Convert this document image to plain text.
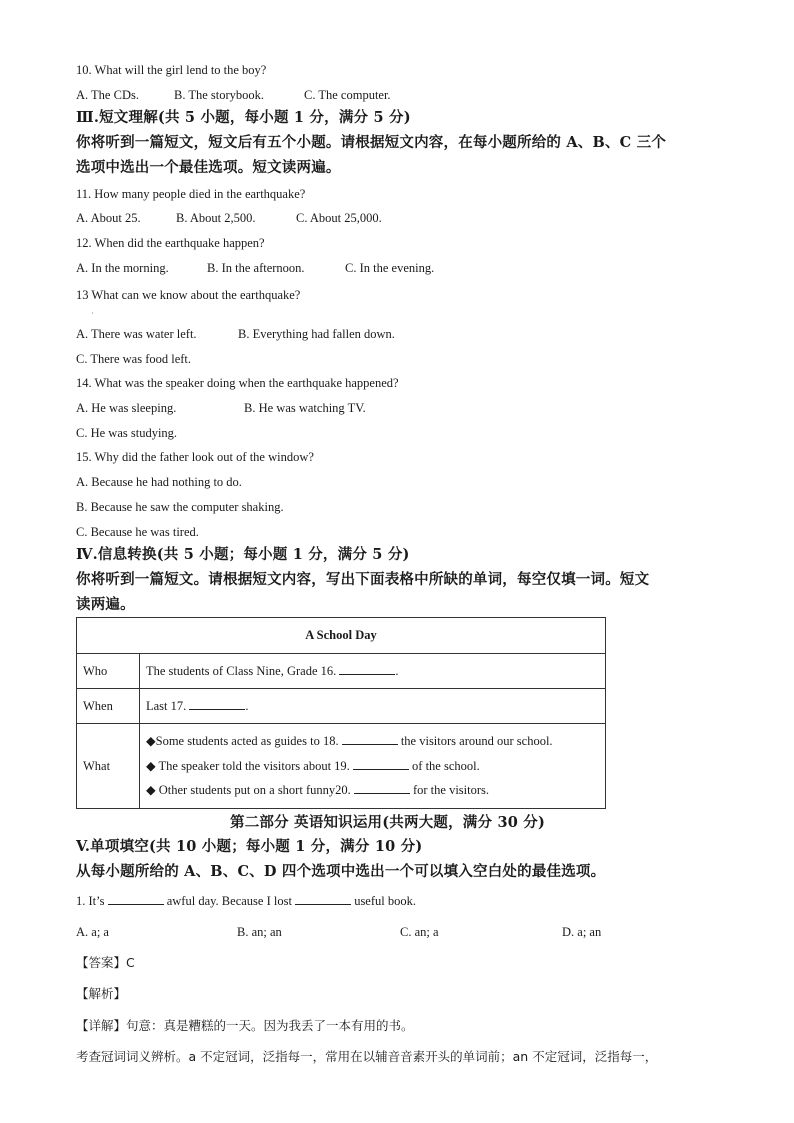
10. What will the girl lend to the boy?
A. The CDs.	B. The storybook.	C. The computer.
Ⅲ.短文理解(共 5 小题，每小题 1 分，满分 5 分)
你将听到一篇短文，短文后有五个小题。请根据短文内容，在每小题所给的 A、B、C 三个
选项中选出一个最佳选项。短文读两遍。
11. How many people died in the earthquake?
A. About 25.	B. About 2,500.	C. About 25,000.
12. When did the earthquake happen?
A. In the morning.	B. In the afternoon.	C. In the evening.
13 What can we know about the earthquake?
·
A. There was water left.	B. Everything had fallen down.
C. There was food left.
14. What was the speaker doing when the earthquake happened?
A. He was sleeping.	B. He was watching TV.
C. He was studying.
15. Why did the father look out of the window?
A. Because he had nothing to do.
B. Because he saw the computer shaking.
C. Because he was tired.
Ⅳ.信息转换(共 5 小题；每小题 1 分，满分 5 分)
你将听到一篇短文。请根据短文内容，写出下面表格中所缺的单词，每空仅填一词。短文
读两遍。
A School Day	
Who	The students of Class Nine, Grade 16. .
When	Last 17. .
What	◆Some students acted as guides to 18. the visitors around our school.
◆ The speaker told the visitors about 19. of the school.
◆ Other students put on a short funny20. for the visitors.
第二部分 英语知识运用(共两大题，满分 30 分)
V.单项填空(共 10 小题；每小题 1 分，满分 10 分)
从每小题所给的 A、B、C、D 四个选项中选出一个可以填入空白处的最佳选项。
1. It’s	awful day. Because I lost	useful book.
A. a; a	B. an; an	C. an; a	D. a; an
【答案】C
【解析】
【详解】句意：真是糟糕的一天。因为我丢了一本有用的书。
考查冠词词义辨析。a 不定冠词，泛指每一，常用在以辅音音素开头的单词前；an 不定冠词，泛指每一，
